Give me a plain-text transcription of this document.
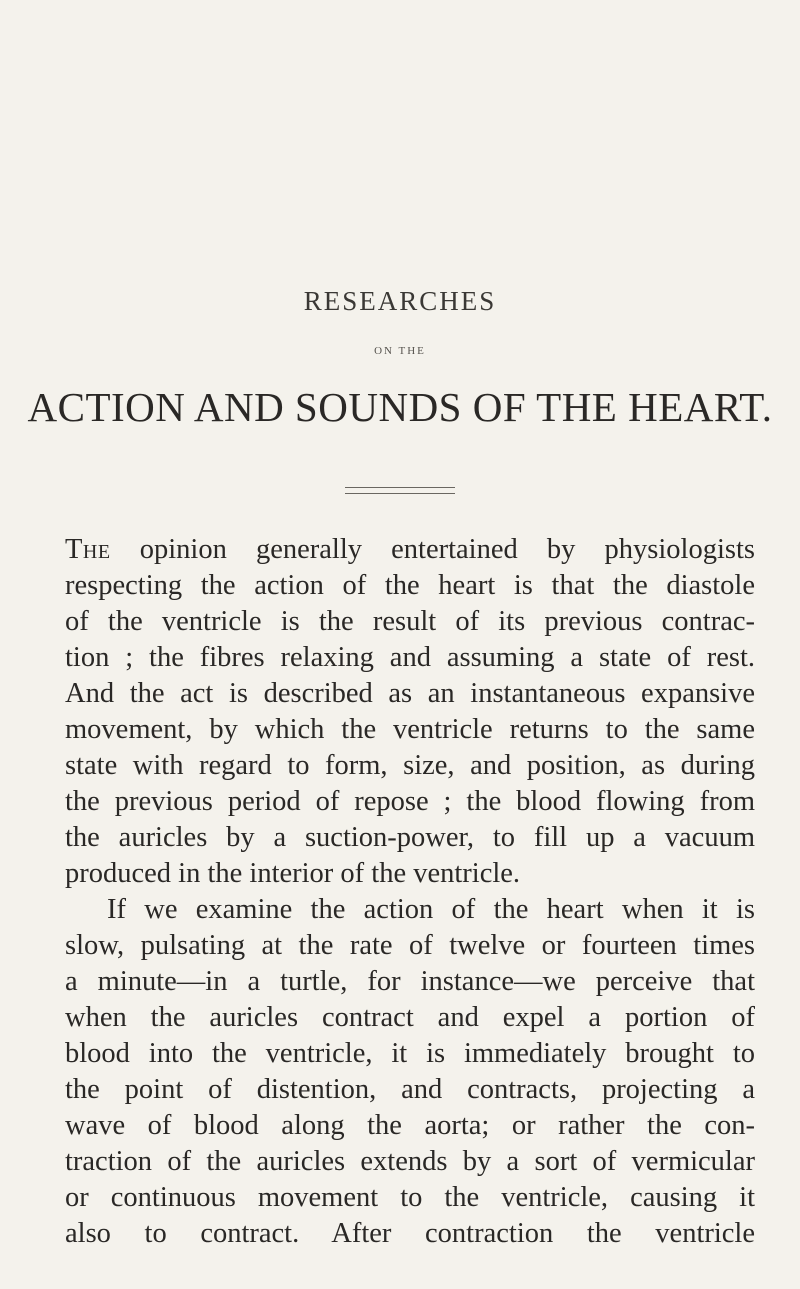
RESEARCHES
ON THE
ACTION AND SOUNDS OF THE HEART.
The opinion generally entertained by physiologists
respecting the action of the heart is that the diastole
of the ventricle is the result of its previous contrac-
tion ; the fibres relaxing and assuming a state of rest.
And the act is described as an instantaneous expansive
movement, by which the ventricle returns to the same
state with regard to form, size, and position, as during
the previous period of repose ; the blood flowing from
the auricles by a suction-power, to fill up a vacuum
produced in the interior of the ventricle.
If we examine the action of the heart when it is
slow, pulsating at the rate of twelve or fourteen times
a minute—in a turtle, for instance—we perceive that
when the auricles contract and expel a portion of
blood into the ventricle, it is immediately brought to
the point of distention, and contracts, projecting a
wave of blood along the aorta; or rather the con-
traction of the auricles extends by a sort of vermicular
or continuous movement to the ventricle, causing it
also to contract. After contraction the ventricle
